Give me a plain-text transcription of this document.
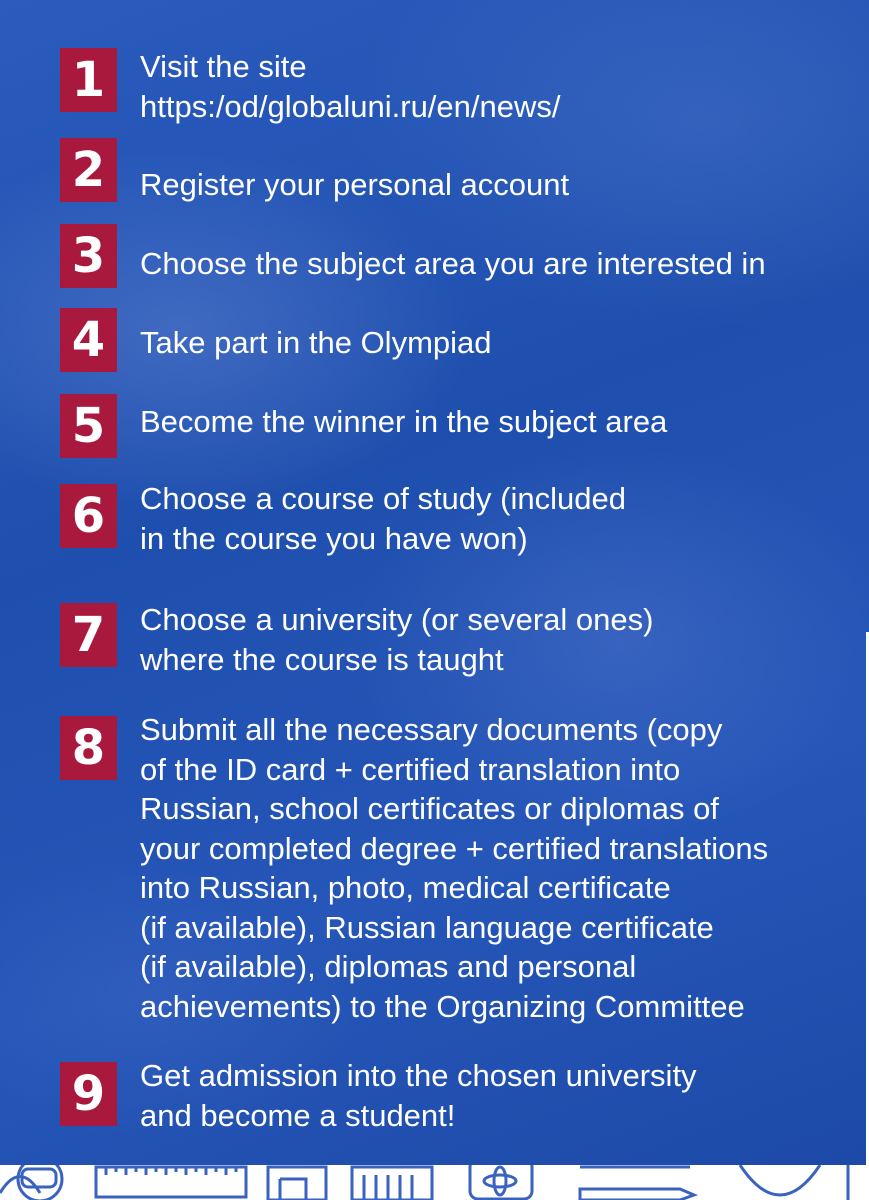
1	Visit the site
https:/od/globaluni.ru/en/news/
2	Register your personal account
3	Choose the subject area you are interested in
4	Take part in the Olympiad
5	Become the winner in the subject area
6	Choose a course of study (included
in the course you have won)
7	Choose a university (or several ones)
where the course is taught
8	Submit all the necessary documents (copy
of the ID card + certified translation into
Russian, school certificates or diplomas of
your completed degree + certified translations
into Russian, photo, medical certificate
(if available), Russian language certificate
(if available), diplomas and personal
achievements) to the Organizing Committee
9	Get admission into the chosen university
and become a student!
